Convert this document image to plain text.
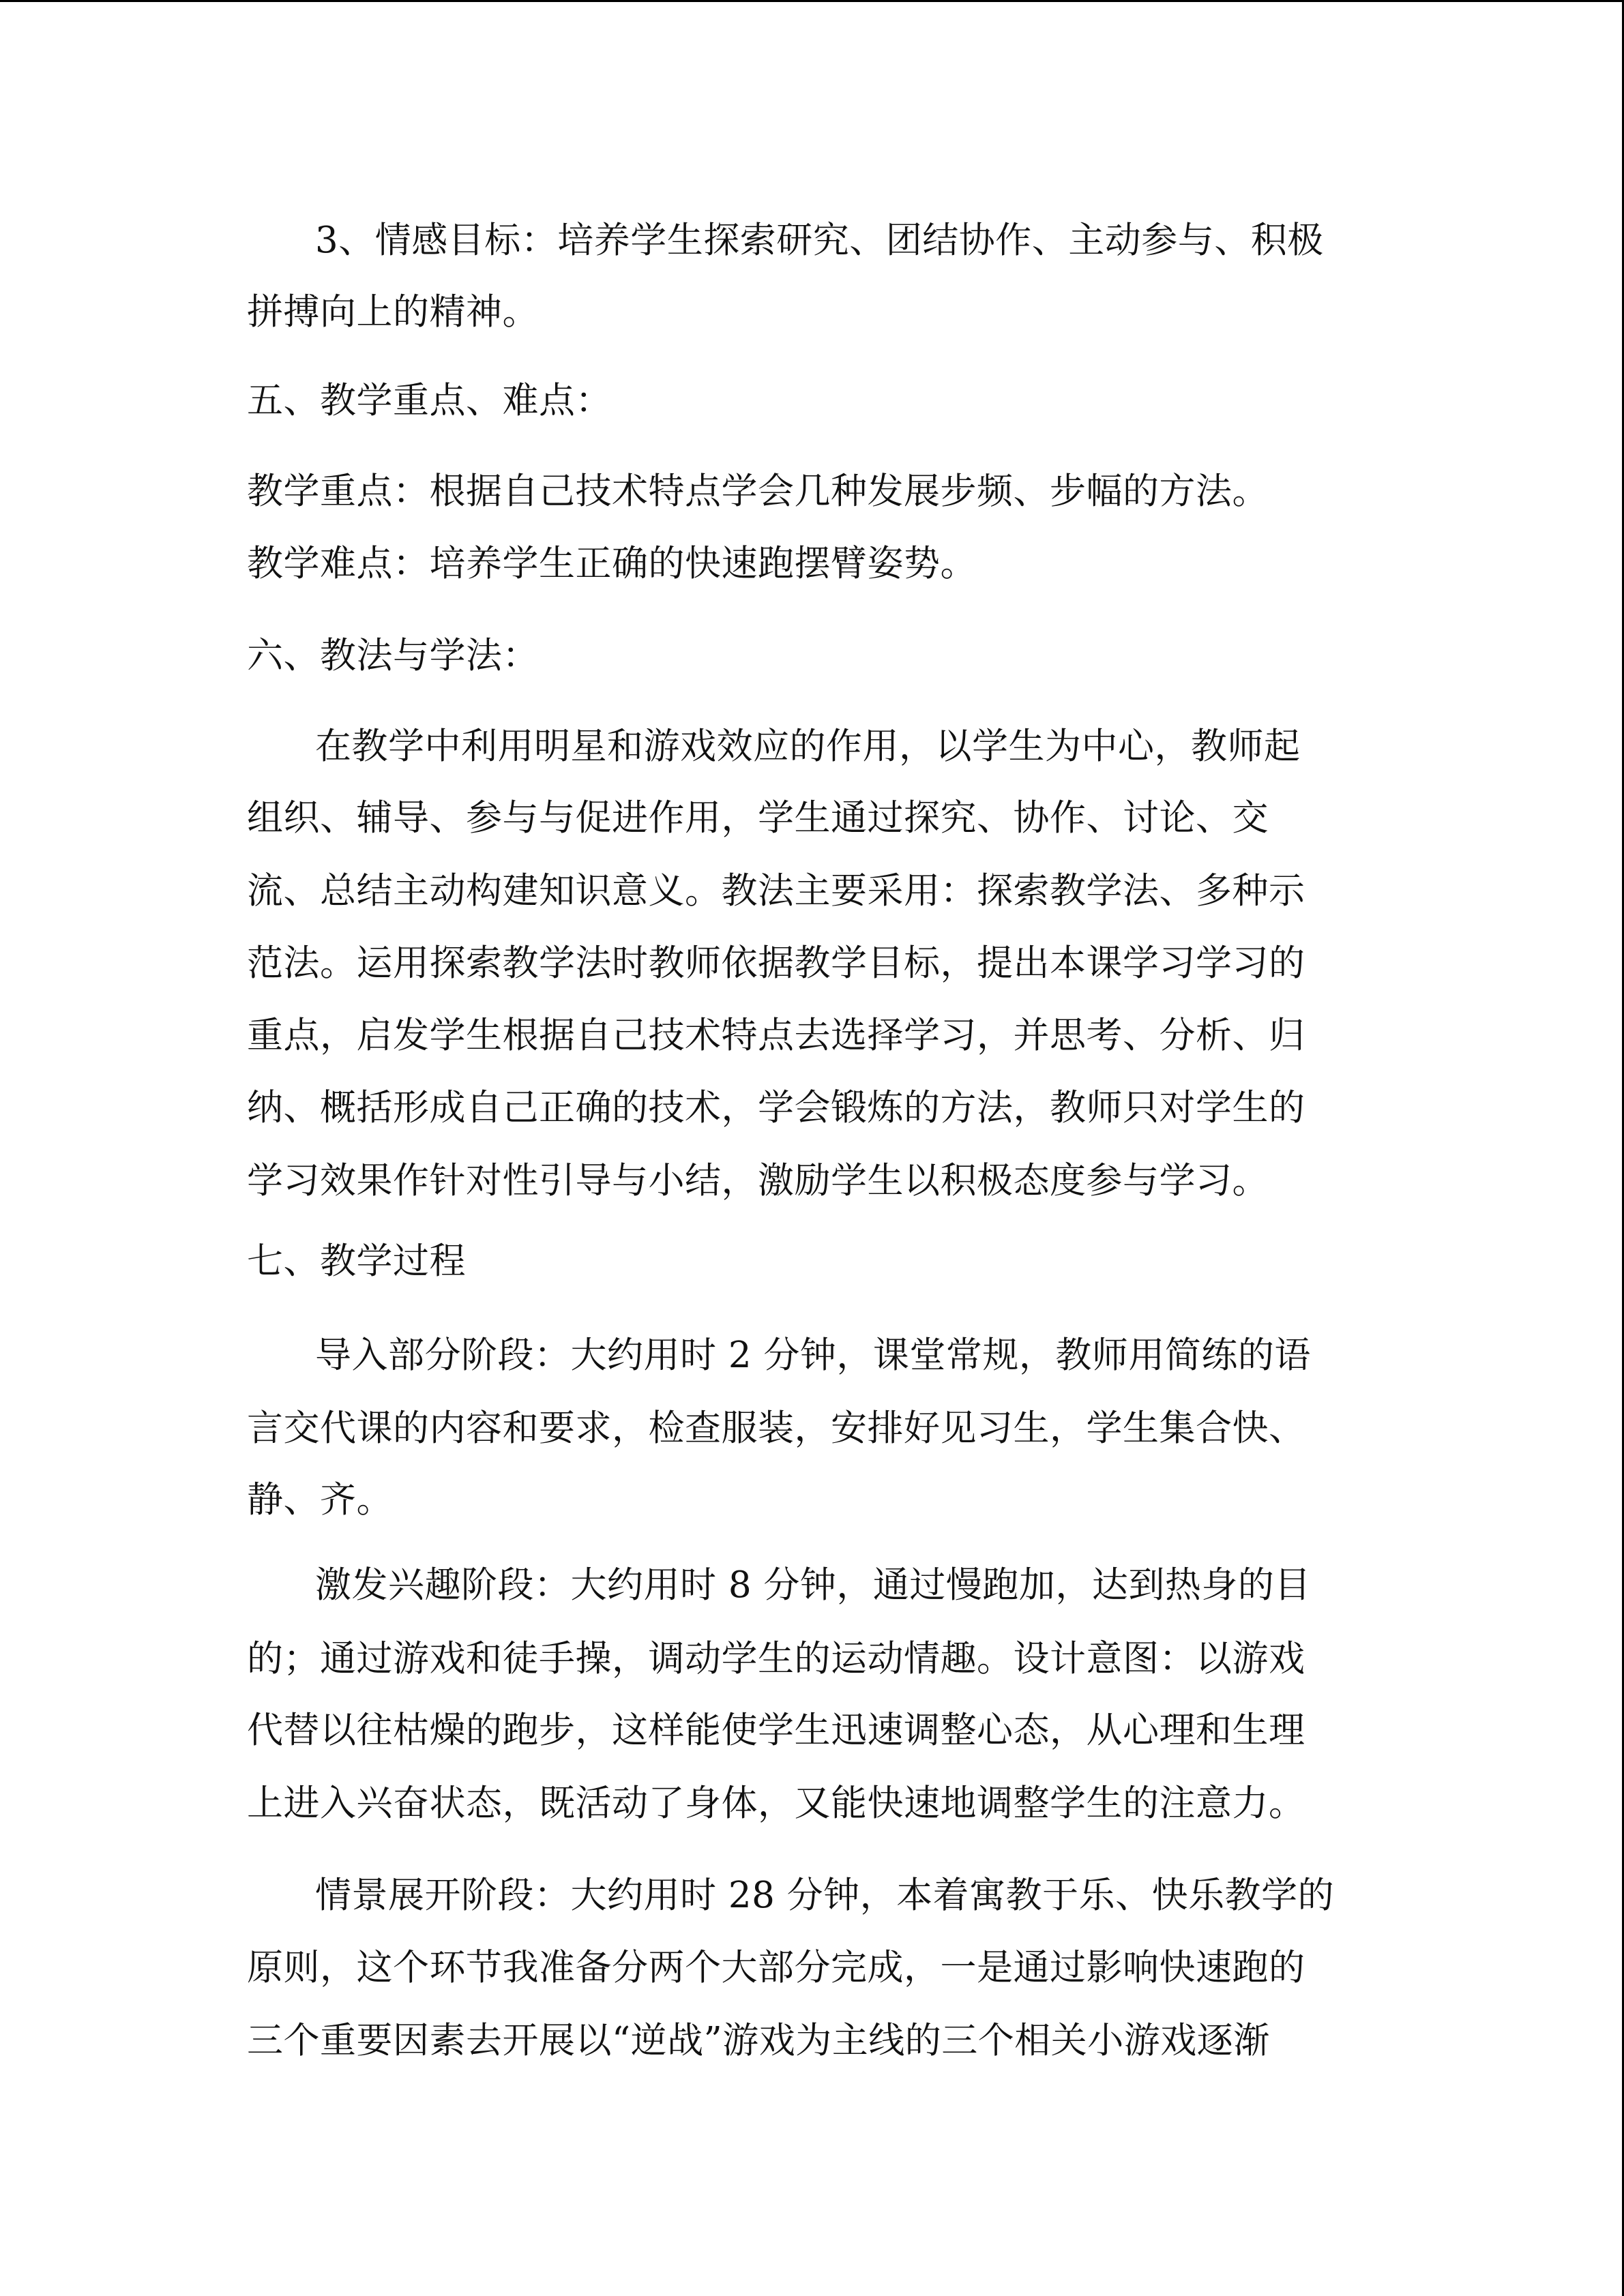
3、情感目标：培养学生探索研究、团结协作、主动参与、积极
拼搏向上的精神。
五、教学重点、难点：
教学重点：根据自己技术特点学会几种发展步频、步幅的方法。
教学难点：培养学生正确的快速跑摆臂姿势。
六、教法与学法：
在教学中利用明星和游戏效应的作用，以学生为中心，教师起
组织、辅导、参与与促进作用，学生通过探究、协作、讨论、交
流、总结主动构建知识意义。教法主要采用：探索教学法、多种示
范法。运用探索教学法时教师依据教学目标，提出本课学习学习的
重点，启发学生根据自己技术特点去选择学习，并思考、分析、归
纳、概括形成自己正确的技术，学会锻炼的方法，教师只对学生的
学习效果作针对性引导与小结，激励学生以积极态度参与学习。
七、教学过程
导入部分阶段：大约用时 2 分钟，课堂常规，教师用简练的语
言交代课的内容和要求，检查服装，安排好见习生，学生集合快、
静、齐。
激发兴趣阶段：大约用时 8 分钟，通过慢跑加，达到热身的目
的；通过游戏和徒手操，调动学生的运动情趣。设计意图：以游戏
代替以往枯燥的跑步，这样能使学生迅速调整心态，从心理和生理
上进入兴奋状态，既活动了身体，又能快速地调整学生的注意力。
情景展开阶段：大约用时 28 分钟，本着寓教于乐、快乐教学的
原则，这个环节我准备分两个大部分完成，一是通过影响快速跑的
三个重要因素去开展以“逆战”游戏为主线的三个相关小游戏逐渐
